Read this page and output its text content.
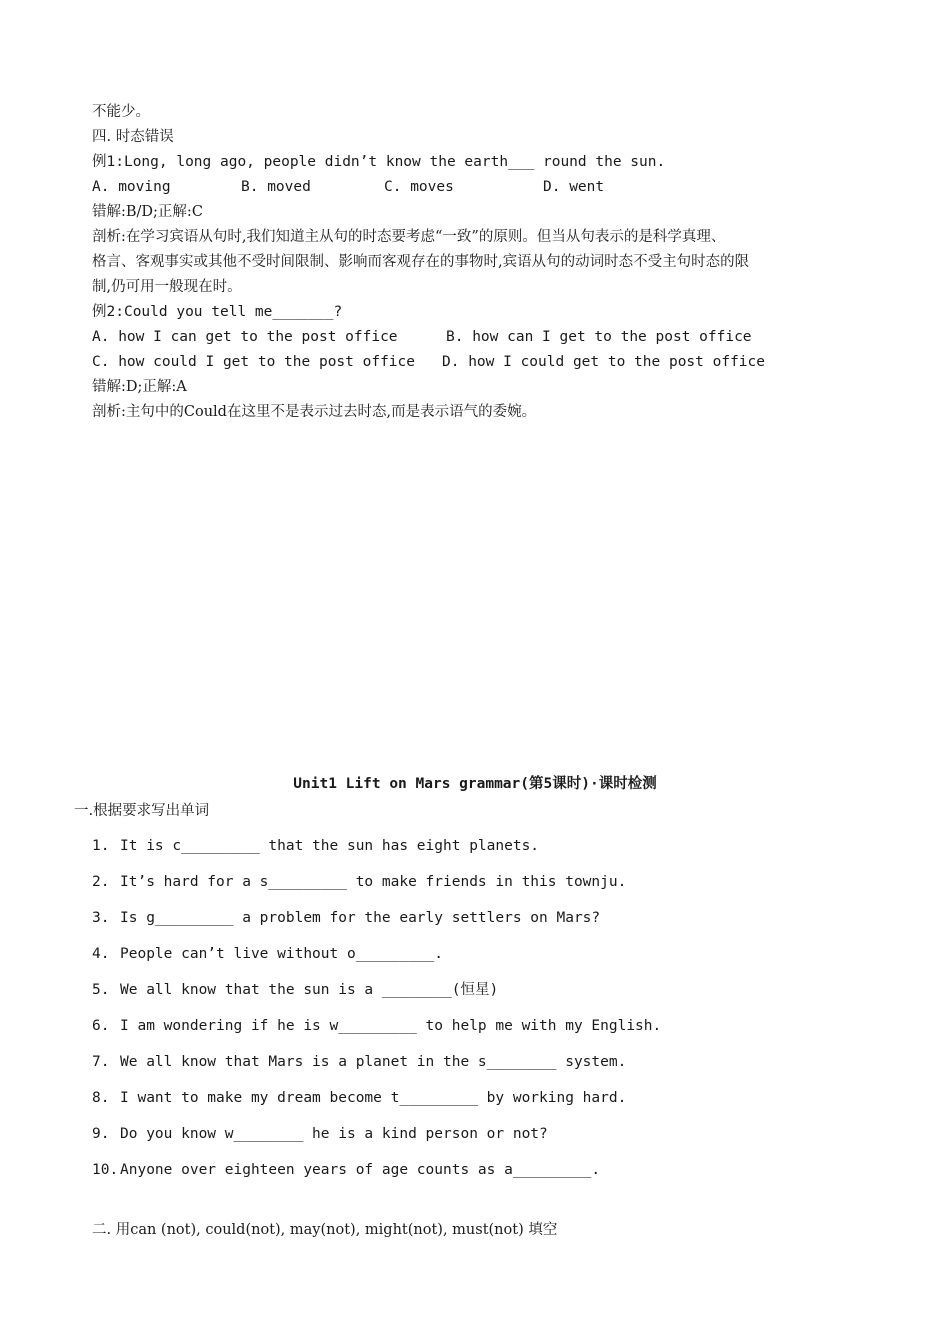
不能少。
四. 时态错误
例1:Long, long ago, people didn’t know the earth___ round the sun.
A. moving	B. moved	C. moves	D. went
错解:B/D;正解:C
剖析:在学习宾语从句时,我们知道主从句的时态要考虑“一致”的原则。但当从句表示的是科学真理、
格言、客观事实或其他不受时间限制、影响而客观存在的事物时,宾语从句的动词时态不受主句时态的限
制,仍可用一般现在时。
例2:Could you tell me_______?
A. how I can get to the post office	B. how can I get to the post office
C. how could I get to the post office D. how I could get to the post office
错解:D;正解:A
剖析:主句中的Could在这里不是表示过去时态,而是表示语气的委婉。
Unit1 Lift on Mars grammar(第5课时)·课时检测
一.根据要求写出单词
1. It is c_________ that the sun has eight planets.
2. It’s hard for a s_________ to make friends in this townju.
3. Is g_________ a problem for the early settlers on Mars?
4. People can’t live without o_________.
5. We all know that the sun is a ________(恒星)
6. I am wondering if he is w_________ to help me with my English.
7. We all know that Mars is a planet in the s________ system.
8. I want to make my dream become t_________ by working hard.
9. Do you know w________ he is a kind person or not?
10. Anyone over eighteen years of age counts as a_________.
二. 用can (not), could(not), may(not), might(not), must(not) 填空
